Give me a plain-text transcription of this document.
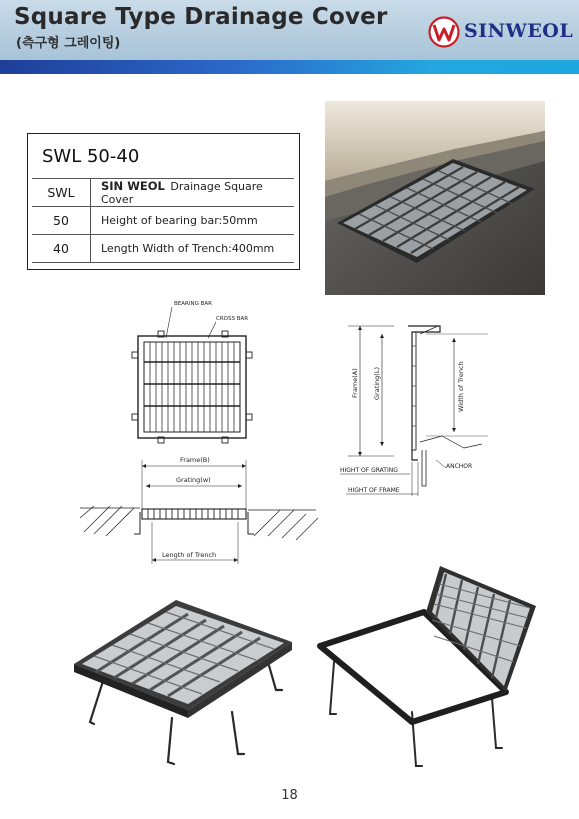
Square Type Drainage Cover
(측구형 그레이팅)
SINWEOL
SWL 50-40
SWL	SIN WEOL Drainage Square Cover
50	Height of bearing bar:50mm
40	Length Width of Trench:400mm
BEARING BAR
CROSS BAR
Frame(B)
Grating(w)
Length of Trench
Frame(A) Grating(L)	Width of Trench
ANCHOR
HIGHT OF GRATING
HIGHT OF FRAME
18
